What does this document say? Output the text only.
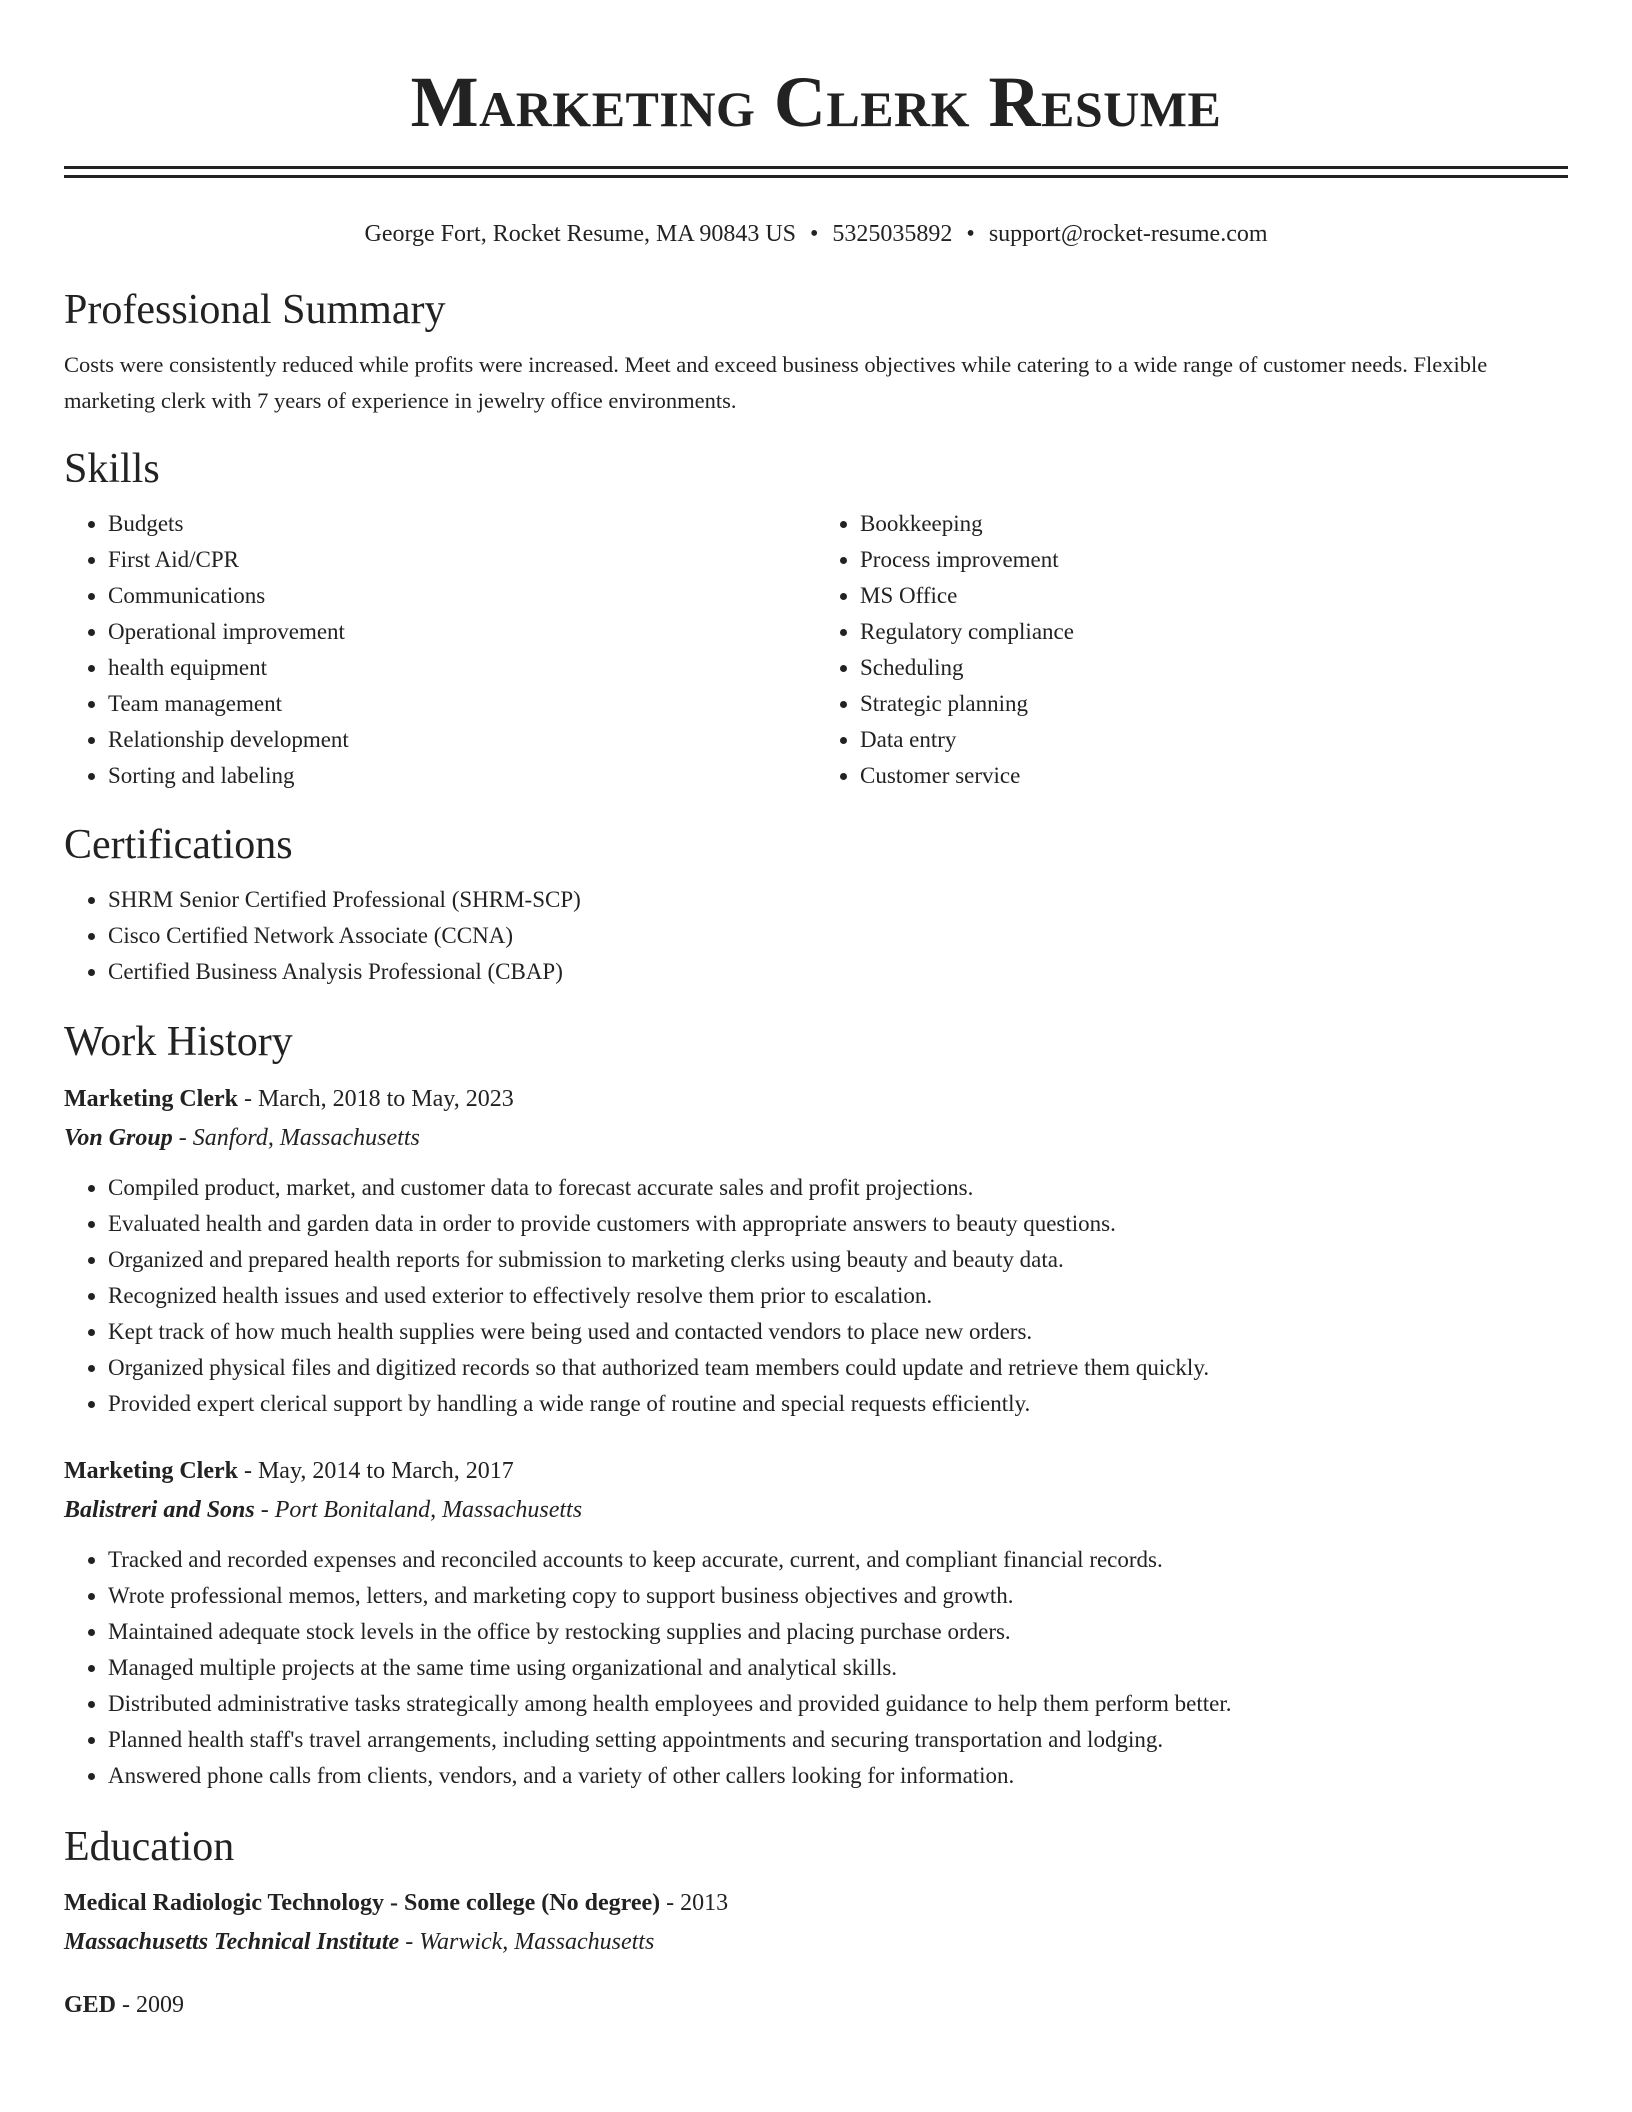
Marketing Clerk Resume
George Fort, Rocket Resume, MA 90843 US • 5325035892 • support@rocket-resume.com
Professional Summary

Costs were consistently reduced while profits were increased. Meet and exceed business objectives while catering to a wide range of customer needs. Flexible marketing clerk with 7 years of experience in jewelry office environments.

Skills
• Budgets
• First Aid/CPR
• Communications
• Operational improvement
• health equipment
• Team management
• Relationship development
• Sorting and labeling
• Bookkeeping
• Process improvement
• MS Office
• Regulatory compliance
• Scheduling
• Strategic planning
• Data entry
• Customer service
Certifications
• SHRM Senior Certified Professional (SHRM-SCP)
• Cisco Certified Network Associate (CCNA)
• Certified Business Analysis Professional (CBAP)
Work History
Marketing Clerk - March, 2018 to May, 2023
Von Group - Sanford, Massachusetts
• Compiled product, market, and customer data to forecast accurate sales and profit projections.
• Evaluated health and garden data in order to provide customers with appropriate answers to beauty questions.
• Organized and prepared health reports for submission to marketing clerks using beauty and beauty data.
• Recognized health issues and used exterior to effectively resolve them prior to escalation.
• Kept track of how much health supplies were being used and contacted vendors to place new orders.
• Organized physical files and digitized records so that authorized team members could update and retrieve them quickly.
• Provided expert clerical support by handling a wide range of routine and special requests efficiently.
Marketing Clerk - May, 2014 to March, 2017
Balistreri and Sons - Port Bonitaland, Massachusetts
• Tracked and recorded expenses and reconciled accounts to keep accurate, current, and compliant financial records.
• Wrote professional memos, letters, and marketing copy to support business objectives and growth.
• Maintained adequate stock levels in the office by restocking supplies and placing purchase orders.
• Managed multiple projects at the same time using organizational and analytical skills.
• Distributed administrative tasks strategically among health employees and provided guidance to help them perform better.
• Planned health staff's travel arrangements, including setting appointments and securing transportation and lodging.
• Answered phone calls from clients, vendors, and a variety of other callers looking for information.
Education
Medical Radiologic Technology - Some college (No degree) - 2013
Massachusetts Technical Institute - Warwick, Massachusetts
GED - 2009
